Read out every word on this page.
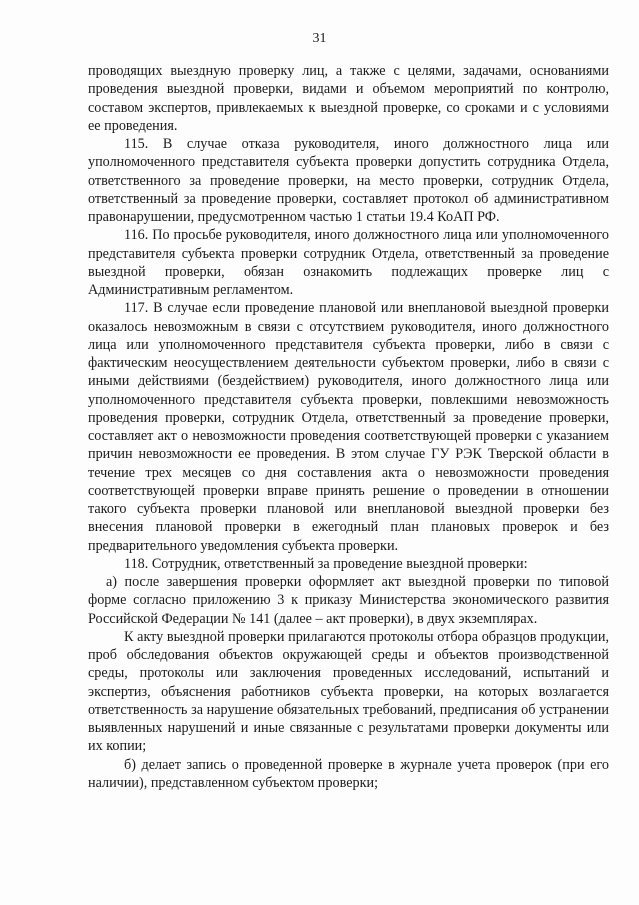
31

проводящих выездную проверку лиц, а также с целями, задачами, основаниями проведения выездной проверки, видами и объемом мероприятий по контролю, составом экспертов, привлекаемых к выездной проверке, со сроками и с условиями ее проведения.

115. В случае отказа руководителя, иного должностного лица или уполномоченного представителя субъекта проверки допустить сотрудника Отдела, ответственного за проведение проверки, на место проверки, сотрудник Отдела, ответственный за проведение проверки, составляет протокол об административном правонарушении, предусмотренном частью 1 статьи 19.4 КоАП РФ.

116. По просьбе руководителя, иного должностного лица или уполномоченного представителя субъекта проверки сотрудник Отдела, ответственный за проведение выездной проверки, обязан ознакомить подлежащих проверке лиц с Административным регламентом.

117. В случае если проведение плановой или внеплановой выездной проверки оказалось невозможным в связи с отсутствием руководителя, иного должностного лица или уполномоченного представителя субъекта проверки, либо в связи с фактическим неосуществлением деятельности субъектом проверки, либо в связи с иными действиями (бездействием) руководителя, иного должностного лица или уполномоченного представителя субъекта проверки, повлекшими невозможность проведения проверки, сотрудник Отдела, ответственный за проведение проверки, составляет акт о невозможности проведения соответствующей проверки с указанием причин невозможности ее проведения. В этом случае ГУ РЭК Тверской области в течение трех месяцев со дня составления акта о невозможности проведения соответствующей проверки вправе принять решение о проведении в отношении такого субъекта проверки плановой или внеплановой выездной проверки без внесения плановой проверки в ежегодный план плановых проверок и без предварительного уведомления субъекта проверки.

118. Сотрудник, ответственный за проведение выездной проверки:

а) после завершения проверки оформляет акт выездной проверки по типовой форме согласно приложению 3 к приказу Министерства экономического развития Российской Федерации № 141 (далее – акт проверки), в двух экземплярах.

К акту выездной проверки прилагаются протоколы отбора образцов продукции, проб обследования объектов окружающей среды и объектов производственной среды, протоколы или заключения проведенных исследований, испытаний и экспертиз, объяснения работников субъекта проверки, на которых возлагается ответственность за нарушение обязательных требований, предписания об устранении выявленных нарушений и иные связанные с результатами проверки документы или их копии;

б) делает запись о проведенной проверке в журнале учета проверок (при его наличии), представленном субъектом проверки;
